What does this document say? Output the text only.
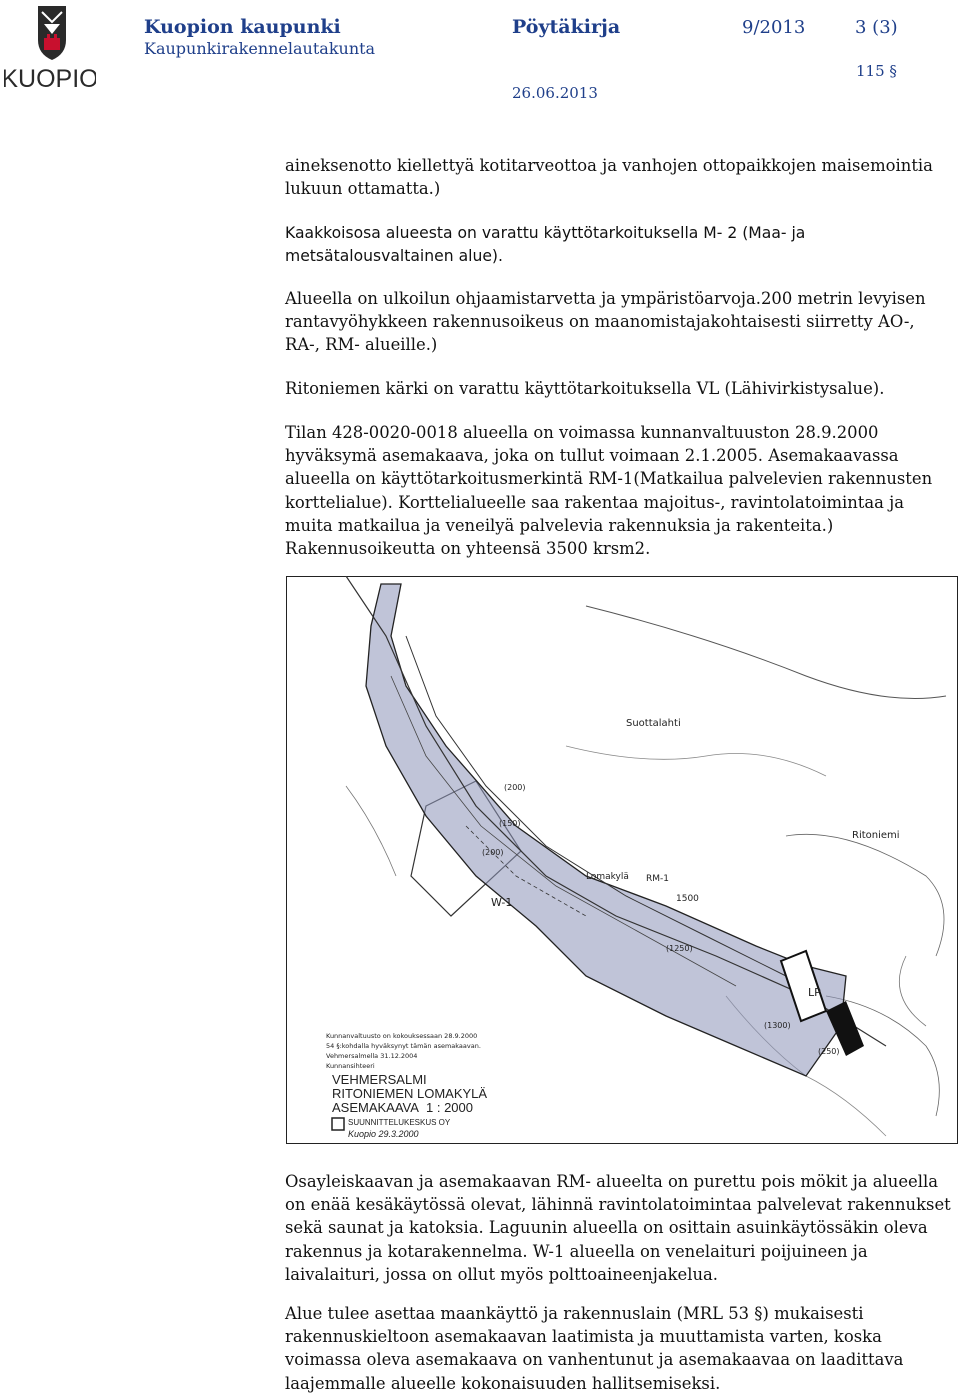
KUOPIO
Kuopion kaupunki
Kaupunkirakennelautakunta
Pöytäkirja	9/2013	3 (3)
115 §
26.06.2013
aineksenotto kiellettyä kotitarveottoa ja vanhojen ottopaikkojen maisemointia lukuun ottamatta.)
Kaakkoisosa alueesta on varattu käyttötarkoituksella M- 2 (Maa- ja metsätalousvaltainen alue).
Alueella on ulkoilun ohjaamistarvetta ja ympäristöarvoja.200 metrin levyisen rantavyöhykkeen rakennusoikeus on maanomistajakohtaisesti siirretty AO-, RA-, RM- alueille.)
Ritoniemen kärki on varattu käyttötarkoituksella VL (Lähivirkistysalue).
Tilan 428-0020-0018 alueella on voimassa kunnanvaltuuston 28.9.2000 hyväksymä asemakaava, joka on tullut voimaan 2.1.2005. Asemakaavassa alueella on käyttötarkoitusmerkintä RM-1(Matkailua palvelevien rakennusten korttelialue). Korttelialueelle saa rakentaa majoitus-, ravintolatoimintaa ja muita matkailua ja veneilyä palvelevia rakennuksia ja rakenteita.) Rakennusoikeutta on yhteensä 3500 krsm2.
Kunnanvaltuusto on kokouksessaan 28.9.2000
54 §:kohdalla hyväksynyt tämän asemakaavan.
Vehmersalmella 31.12.2004
Kunnansihteeri
VEHMERSALMI
RITONIEMEN LOMAKYLÄ
ASEMAKAAVA 1 : 2000
SUUNNITTELUKESKUS OY
Kuopio 29.3.2000
Suottalahti
Lomakylä
Ritoniemi
W-1
RM-1
LP
1500
(1250)
(200)
(200)
(150)
(1300)
(250)
Osayleiskaavan ja asemakaavan RM- alueelta on purettu pois mökit ja alueella on enää kesäkäytössä olevat, lähinnä ravintolatoimintaa palvelevat rakennukset sekä saunat ja katoksia. Laguunin alueella on osittain asuinkäytössäkin oleva rakennus ja kotarakennelma. W-1 alueella on venelaituri poijuineen ja laivalaituri, jossa on ollut myös polttoaineenjakelua.
Alue tulee asettaa maankäyttö ja rakennuslain (MRL 53 §) mukaisesti rakennuskieltoon asemakaavan laatimista ja muuttamista varten, koska voimassa oleva asemakaava on vanhentunut ja asemakaavaa on laadittava laajemmalle alueelle kokonaisuuden hallitsemiseksi.
